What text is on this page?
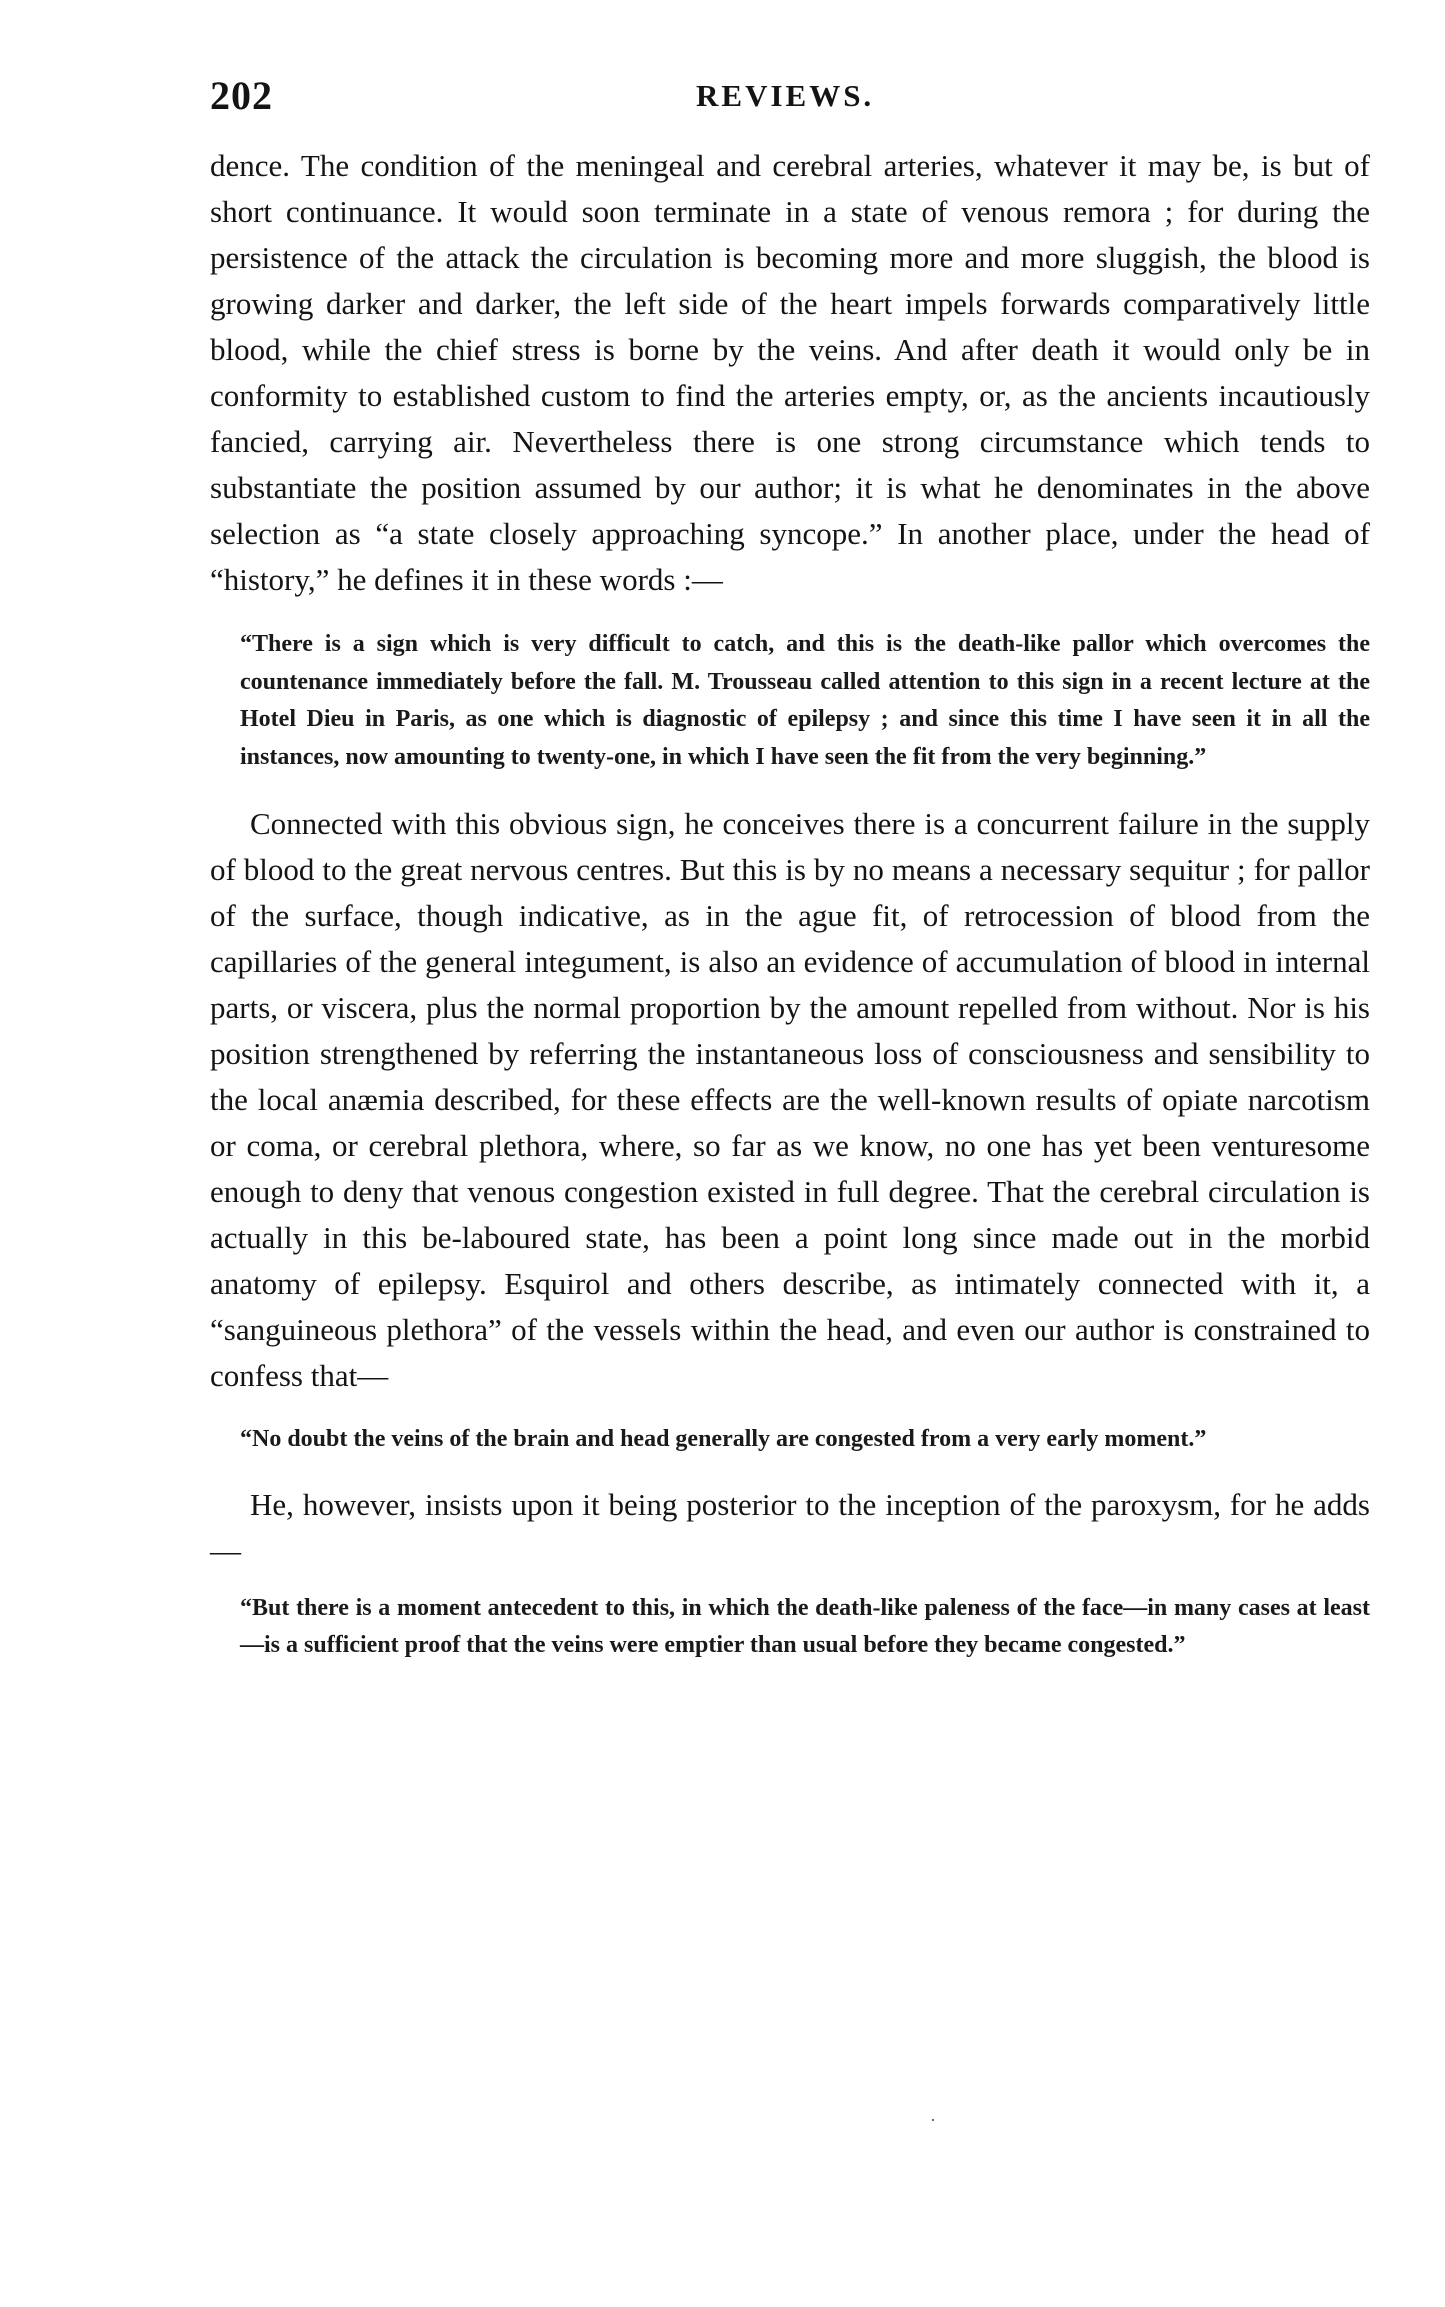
202	REVIEWS.

dence. The condition of the meningeal and cerebral arteries, whatever it may be, is but of short continuance. It would soon terminate in a state of venous remora ; for during the persistence of the attack the circulation is becoming more and more sluggish, the blood is growing darker and darker, the left side of the heart impels forwards comparatively little blood, while the chief stress is borne by the veins. And after death it would only be in conformity to established custom to find the arteries empty, or, as the ancients incautiously fancied, carrying air. Nevertheless there is one strong circumstance which tends to substantiate the position assumed by our author; it is what he denominates in the above selection as “a state closely approaching syncope.” In another place, under the head of “history,” he defines it in these words :—

“There is a sign which is very difficult to catch, and this is the death-like pallor which overcomes the countenance immediately before the fall. M. Trousseau called attention to this sign in a recent lecture at the Hotel Dieu in Paris, as one which is diagnostic of epilepsy ; and since this time I have seen it in all the instances, now amounting to twenty-one, in which I have seen the fit from the very beginning.”

Connected with this obvious sign, he conceives there is a concurrent failure in the supply of blood to the great nervous centres. But this is by no means a necessary sequitur ; for pallor of the surface, though indicative, as in the ague fit, of retrocession of blood from the capillaries of the general integument, is also an evidence of accumulation of blood in internal parts, or viscera, plus the normal proportion by the amount repelled from without. Nor is his position strengthened by referring the instantaneous loss of consciousness and sensibility to the local anæmia described, for these effects are the well-known results of opiate narcotism or coma, or cerebral plethora, where, so far as we know, no one has yet been venturesome enough to deny that venous congestion existed in full degree. That the cerebral circulation is actually in this be-laboured state, has been a point long since made out in the morbid anatomy of epilepsy. Esquirol and others describe, as intimately connected with it, a “sanguineous plethora” of the vessels within the head, and even our author is constrained to confess that—

“No doubt the veins of the brain and head generally are congested from a very early moment.”

He, however, insists upon it being posterior to the inception of the paroxysm, for he adds—

“But there is a moment antecedent to this, in which the death-like paleness of the face—in many cases at least—is a sufficient proof that the veins were emptier than usual before they became congested.”

·
